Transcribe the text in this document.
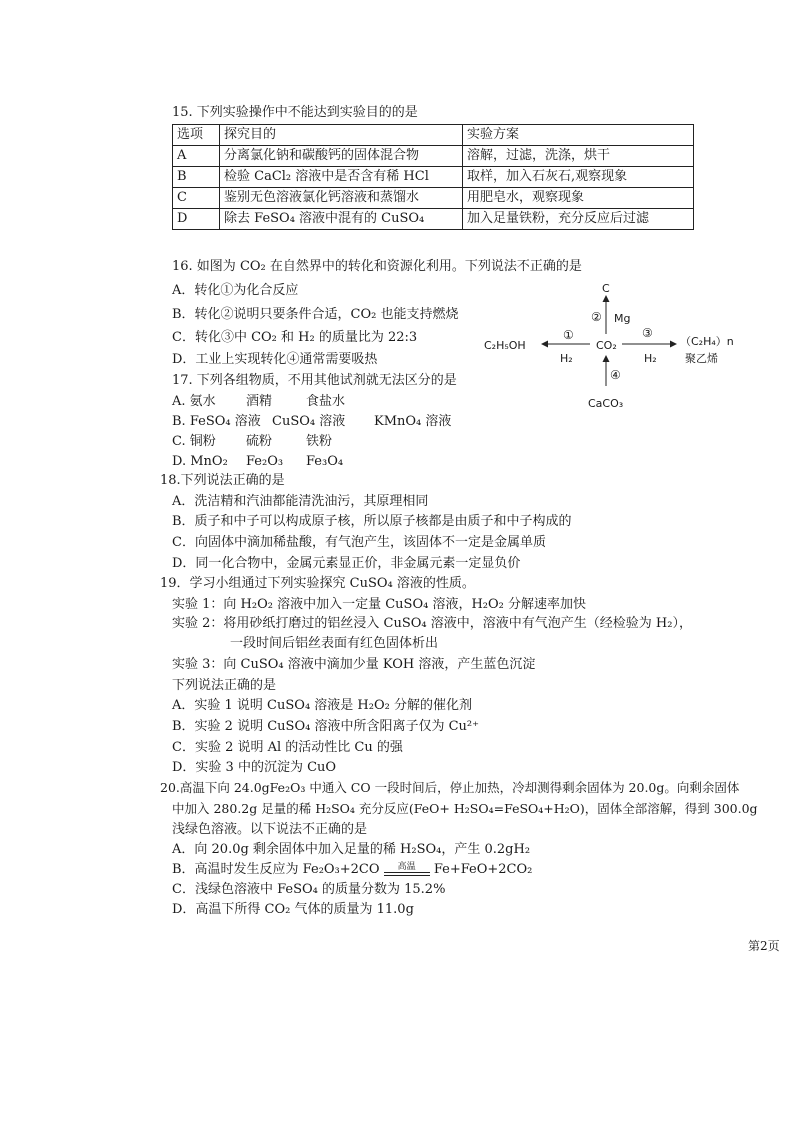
15. 下列实验操作中不能达到实验目的的是
选项	探究目的	实验方案
A	分离氯化钠和碳酸钙的固体混合物	溶解，过滤，洗涤，烘干
B	检验 CaCl₂ 溶液中是否含有稀 HCl	取样，加入石灰石,观察现象
C	鉴别无色溶液氯化钙溶液和蒸馏水	用肥皂水，观察现象
D	除去 FeSO₄ 溶液中混有的 CuSO₄	加入足量铁粉，充分反应后过滤
16. 如图为 CO₂ 在自然界中的转化和资源化利用。下列说法不正确的是
A．转化①为化合反应
B．转化②说明只要条件合适，CO₂ 也能支持燃烧
C．转化③中 CO₂ 和 H₂ 的质量比为 22:3
D．工业上实现转化④通常需要吸热
C
② Mg
CO₂
C₂H₅OH
①
H₂
③
H₂
（C₂H₄）n
聚乙烯
④
CaCO₃
17. 下列各组物质，不用其他试剂就无法区分的是
A. 氨水 酒精	食盐水
B. FeSO₄ 溶液 CuSO₄ 溶液 KMnO₄ 溶液
C. 铜粉 硫粉	铁粉
D. MnO₂ Fe₂O₃ Fe₃O₄
18.下列说法正确的是
A．洗洁精和汽油都能清洗油污，其原理相同
B．质子和中子可以构成原子核，所以原子核都是由质子和中子构成的
C．向固体中滴加稀盐酸，有气泡产生，该固体不一定是金属单质
D．同一化合物中，金属元素显正价，非金属元素一定显负价
19．学习小组通过下列实验探究 CuSO₄ 溶液的性质。
实验 1：向 H₂O₂ 溶液中加入一定量 CuSO₄ 溶液，H₂O₂ 分解速率加快
实验 2：将用砂纸打磨过的铝丝浸入 CuSO₄ 溶液中，溶液中有气泡产生（经检验为 H₂），
一段时间后铝丝表面有红色固体析出
实验 3：向 CuSO₄ 溶液中滴加少量 KOH 溶液，产生蓝色沉淀
下列说法正确的是
A．实验 1 说明 CuSO₄ 溶液是 H₂O₂ 分解的催化剂
B．实验 2 说明 CuSO₄ 溶液中所含阳离子仅为 Cu²⁺
C．实验 2 说明 Al 的活动性比 Cu 的强
D．实验 3 中的沉淀为 CuO
20.高温下向 24.0gFe₂O₃ 中通入 CO 一段时间后，停止加热，冷却测得剩余固体为 20.0g。向剩余固体
中加入 280.2g 足量的稀 H₂SO₄ 充分反应(FeO+ H₂SO₄=FeSO₄+H₂O)，固体全部溶解，得到 300.0g
浅绿色溶液。以下说法不正确的是
A．向 20.0g 剩余固体中加入足量的稀 H₂SO₄，产生 0.2gH₂
B．高温时发生反应为 Fe₂O₃+2CO	高温	Fe+FeO+2CO₂
C．浅绿色溶液中 FeSO₄ 的质量分数为 15.2%
D．高温下所得 CO₂ 气体的质量为 11.0g
第2页
